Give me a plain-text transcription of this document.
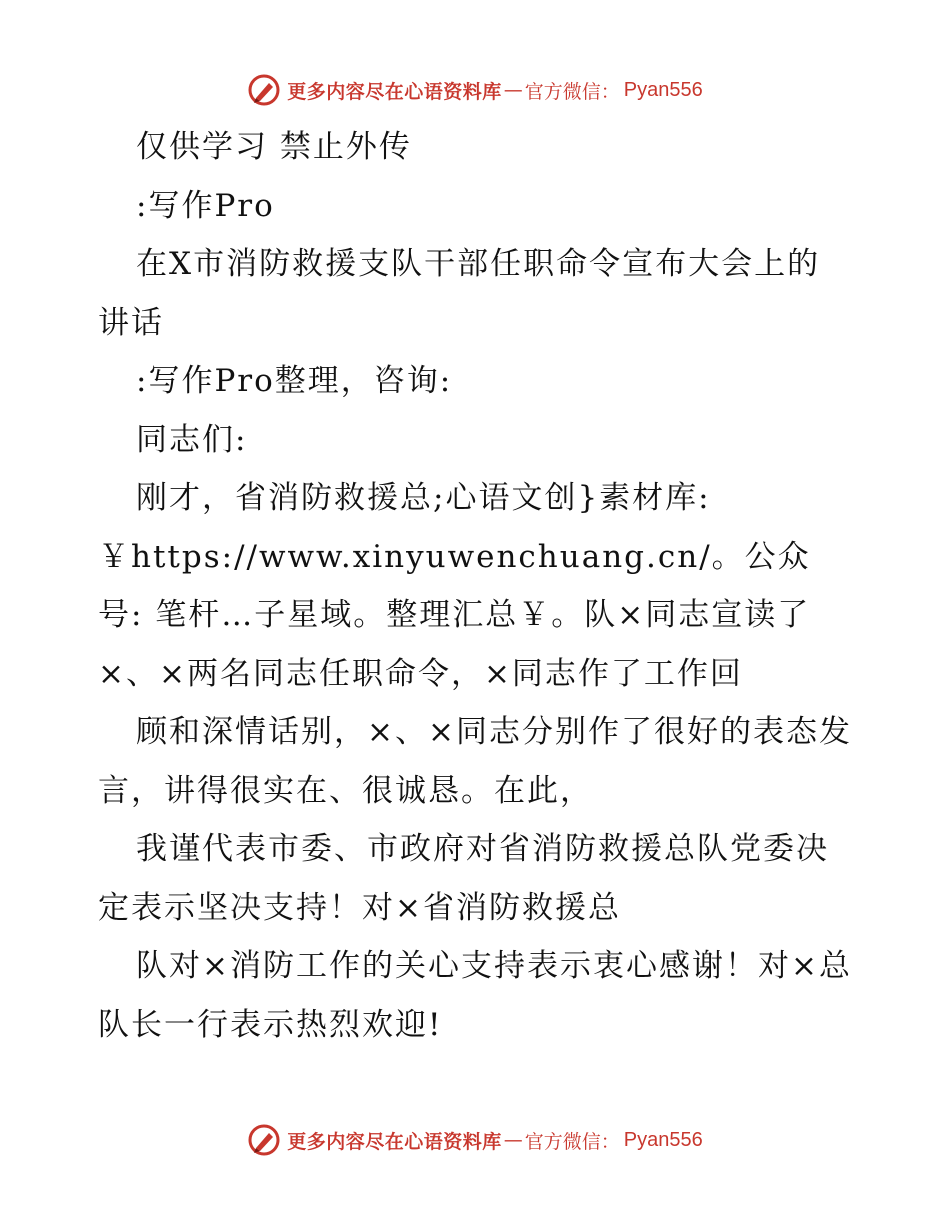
更多内容尽在心语资料库 — 官方微信： Pyan556

仅供学习 禁止外传

:写作Pro

在X市消防救援支队干部任职命令宣布大会上的讲话

:写作Pro整理，咨询:

同志们:

刚才，省消防救援总;心语文创}素材库:

￥https://www.xinyuwenchuang.cn/。公众号: 笔杆…子星域。整理汇总￥。队×同志宣读了×、×两名同志任职命令，×同志作了工作回

顾和深情话别，×、×同志分别作了很好的表态发言，讲得很实在、很诚恳。在此，

我谨代表市委、市政府对省消防救援总队党委决定表示坚决支持！对×省消防救援总

队对×消防工作的关心支持表示衷心感谢！对×总队长一行表示热烈欢迎!

更多内容尽在心语资料库 — 官方微信： Pyan556
